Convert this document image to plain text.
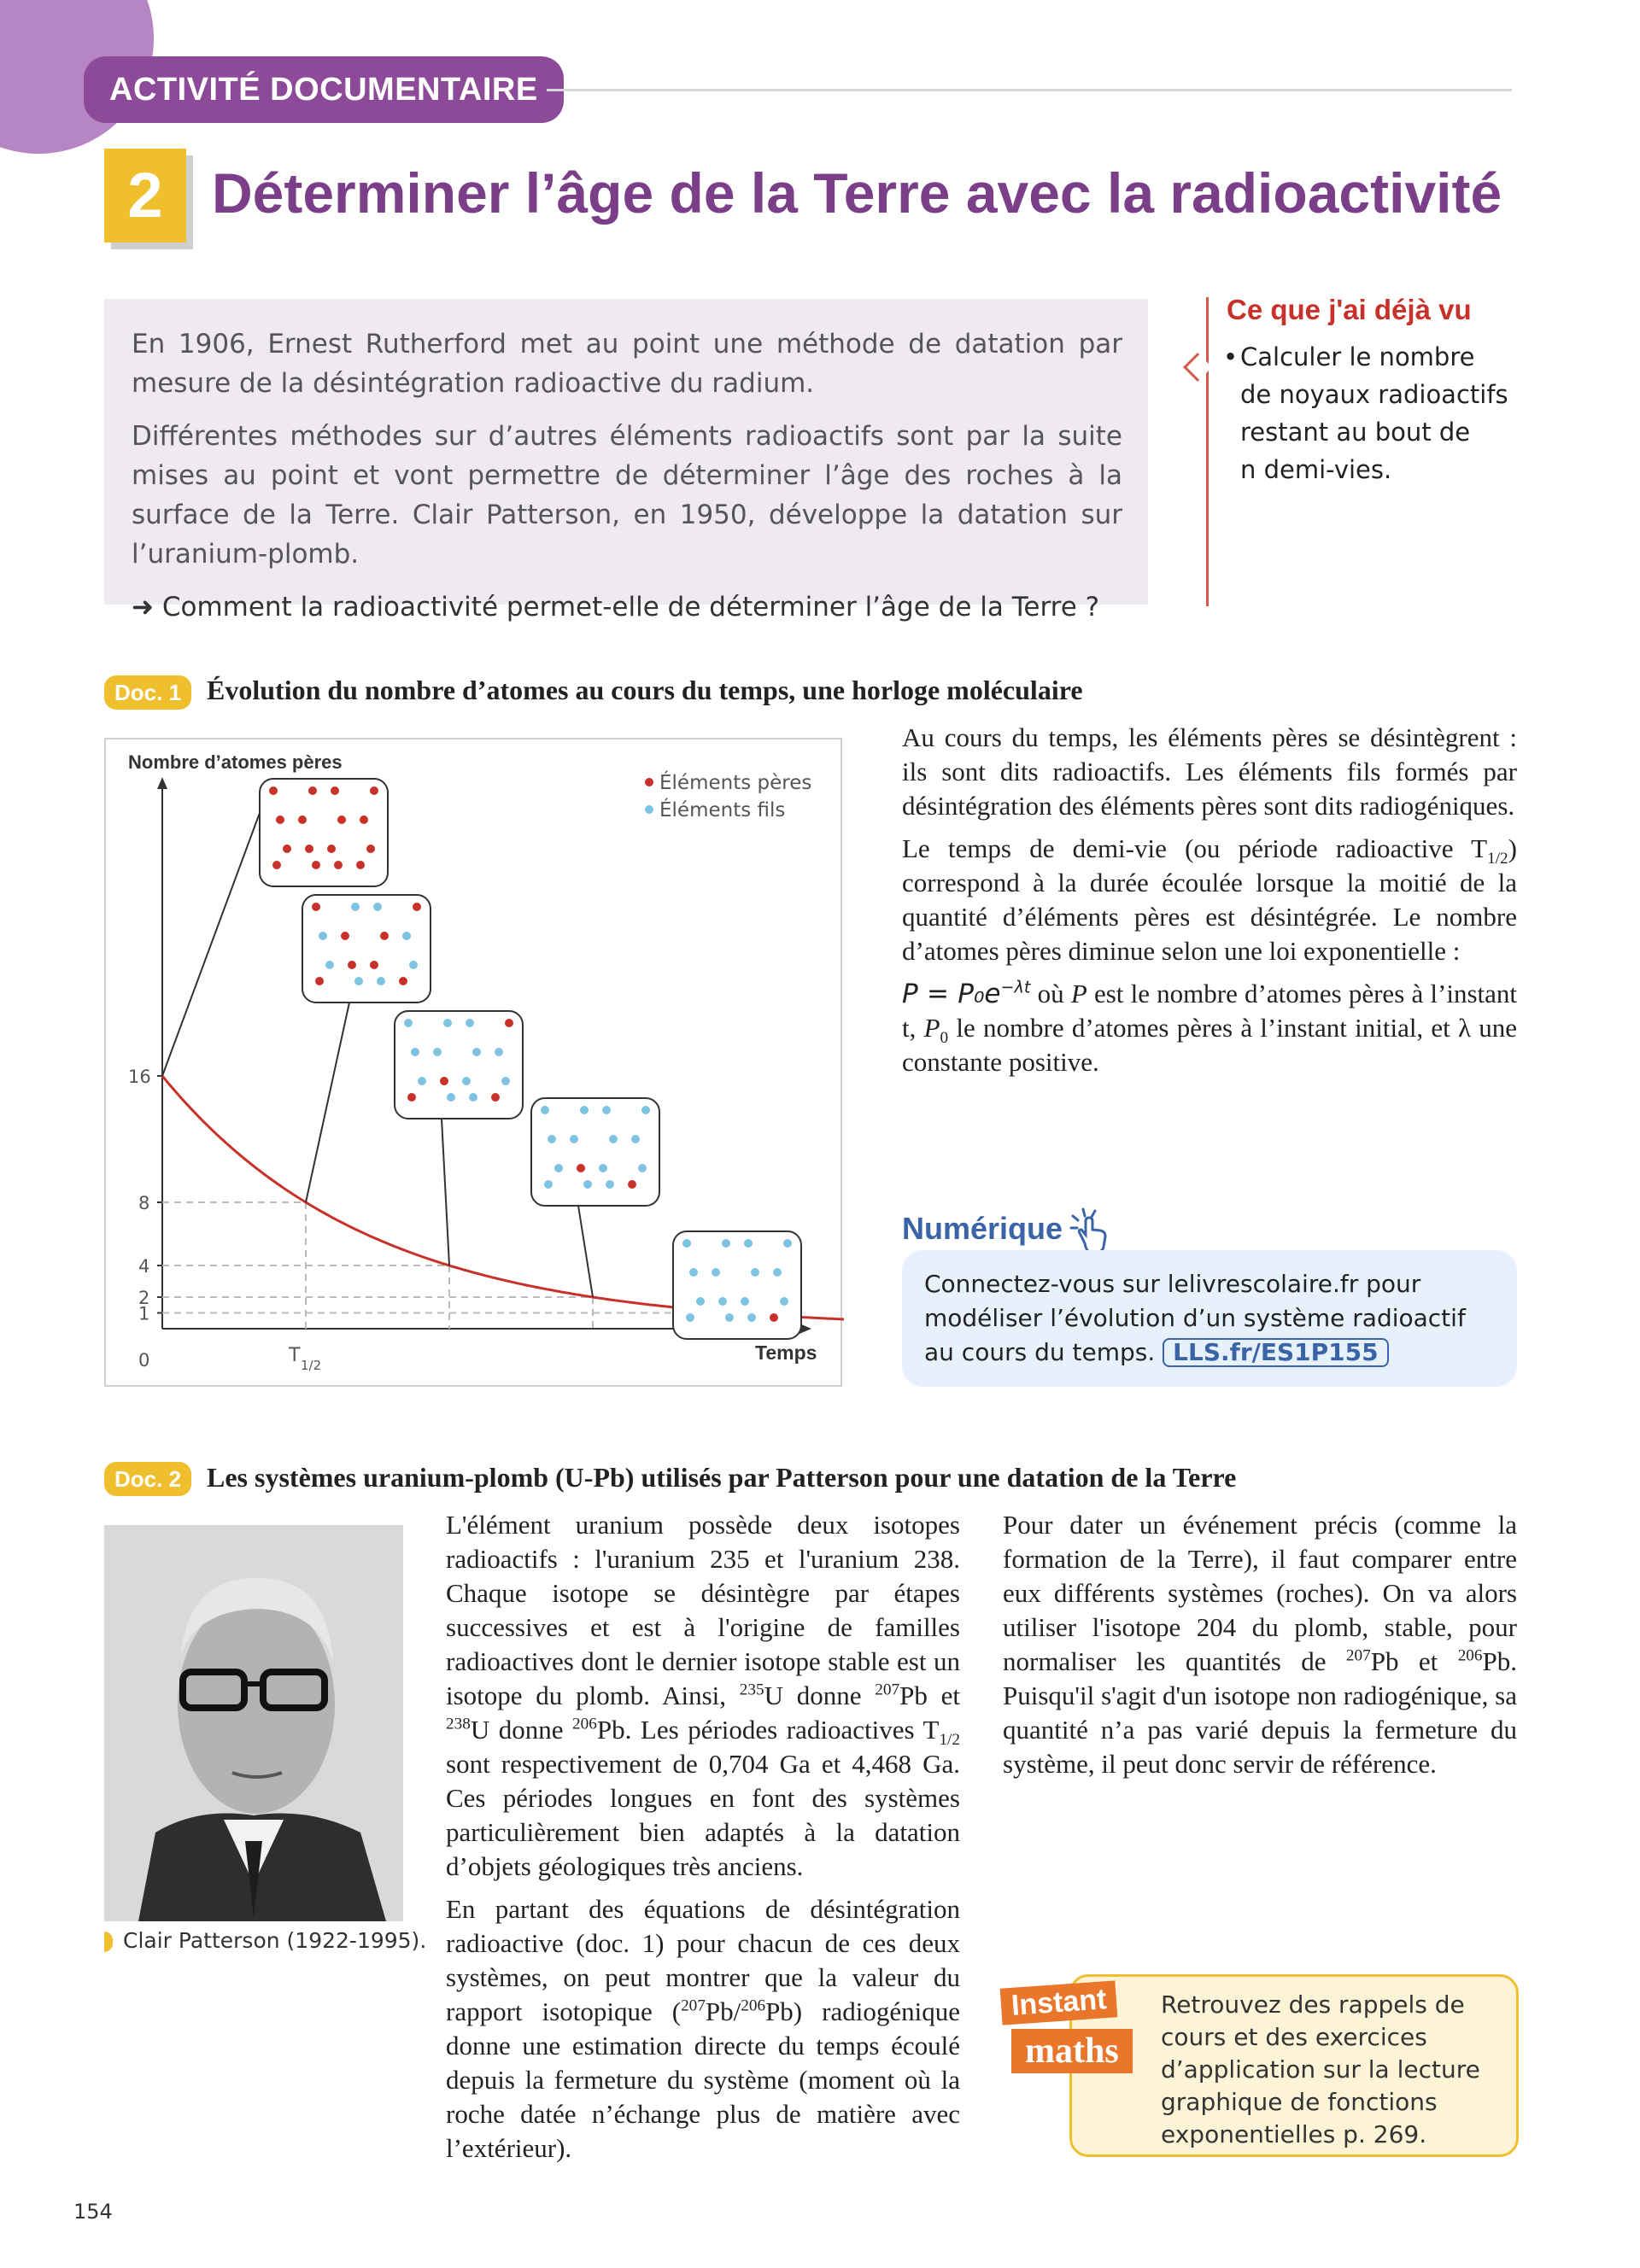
ACTIVITÉ DOCUMENTAIRE
2 Déterminer l’âge de la Terre avec la radioactivité

En 1906, Ernest Rutherford met au point une méthode de datation par mesure de la désintégration radioactive du radium.

Différentes méthodes sur d’autres éléments radioactifs sont par la suite mises au point et vont permettre de déterminer l’âge des roches à la surface de la Terre. Clair Patterson, en 1950, développe la datation sur l’uranium-plomb.

➜ Comment la radioactivité permet-elle de déterminer l’âge de la Terre ?

Ce que j'ai déjà vu
• Calculer le nombre
de noyaux radioactifs
restant au bout de
n demi-vies.
Doc. 1 Évolution du nombre d’atomes au cours du temps, une horloge moléculaire
Nombre d’atomes pères
Temps
0
16
8
4
2
1
T 1/2
Éléments pères
Éléments fils

Au cours du temps, les éléments pères se désintègrent : ils sont dits radioactifs. Les éléments fils formés par désintégration des éléments pères sont dits radiogéniques.

Le temps de demi-vie (ou période radioactive $T_{1/2}$) correspond à la durée écoulée lorsque la moitié de la quantité d’éléments pères est désintégrée. Le nombre d’atomes pères diminue selon une loi exponentielle :

$P = P_0e^{-\lambda t}$ où P est le nombre d’atomes pères à l’instant t, $P_0$ le nombre d’atomes pères à l’instant initial, et λ une constante positive.

Numérique
Connectez-vous sur lelivrescolaire.fr pour modéliser l’évolution d’un système radioactif au cours du temps. LLS.fr/ES1P155
Doc. 2 Les systèmes uranium-plomb (U-Pb) utilisés par Patterson pour une datation de la Terre
Clair Patterson (1922-1995).

L'élément uranium possède deux isotopes radioactifs : l'uranium 235 et l'uranium 238. Chaque isotope se désintègre par étapes successives et est à l'origine de familles radioactives dont le dernier isotope stable est un isotope du plomb. Ainsi, $^{235}$U donne $^{207}$Pb et $^{238}$U donne $^{206}$Pb. Les périodes radioactives $T_{1/2}$ sont respectivement de 0,704 Ga et 4,468 Ga. Ces périodes longues en font des systèmes particulièrement bien adaptés à la datation d’objets géologiques très anciens.

En partant des équations de désintégration radioactive (doc. 1) pour chacun de ces deux systèmes, on peut montrer que la valeur du rapport isotopique ($^{207}$Pb/$^{206}$Pb) radiogénique donne une estimation directe du temps écoulé depuis la fermeture du système (moment où la roche datée n’échange plus de matière avec l’extérieur).

Pour dater un événement précis (comme la formation de la Terre), il faut comparer entre eux différents systèmes (roches). On va alors utiliser l'isotope 204 du plomb, stable, pour normaliser les quantités de $^{207}$Pb et $^{206}$Pb. Puisqu'il s'agit d'un isotope non radiogénique, sa quantité n’a pas varié depuis la fermeture du système, il peut donc servir de référence.

Retrouvez des rappels de cours et des exercices d’application sur la lecture graphique de fonctions exponentielles p. 269.
Instant
maths
154
